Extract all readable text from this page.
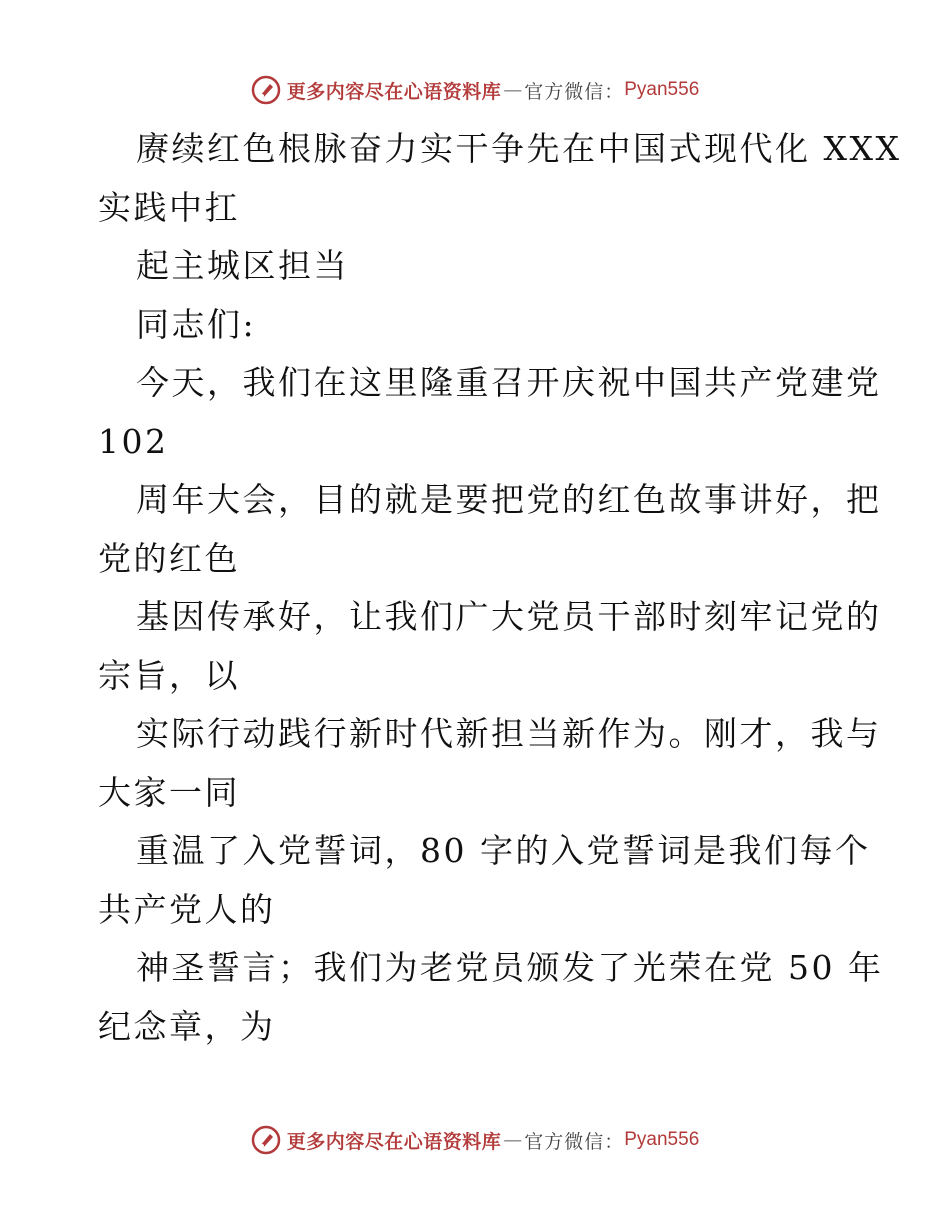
更多内容尽在心语资料库 — 官方微信： Pyan556
赓续红色根脉奋力实干争先在中国式现代化 XXX
实践中扛
起主城区担当
同志们:
今天，我们在这里隆重召开庆祝中国共产党建党
102
周年大会，目的就是要把党的红色故事讲好，把
党的红色
基因传承好，让我们广大党员干部时刻牢记党的
宗旨，以
实际行动践行新时代新担当新作为。刚才，我与
大家一同
重温了入党誓词，80 字的入党誓词是我们每个
共产党人的
神圣誓言；我们为老党员颁发了光荣在党 50 年
纪念章，为
更多内容尽在心语资料库 — 官方微信： Pyan556
